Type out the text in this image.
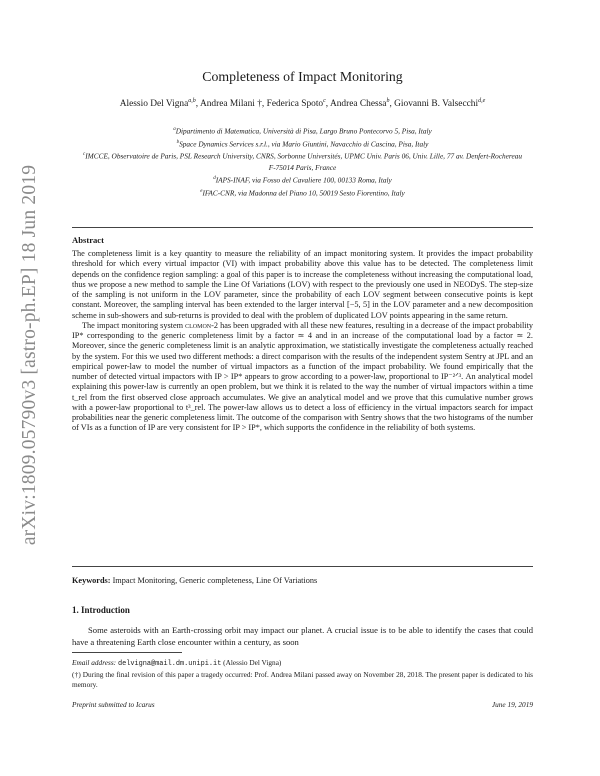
arXiv:1809.05790v3 [astro-ph.EP] 18 Jun 2019
Completeness of Impact Monitoring
Alessio Del Vigna$^{a,b}$, Andrea Milani †, Federica Spoto$^c$, Andrea Chessa$^b$, Giovanni B. Valsecchi$^{d,e}$
$^a$Dipartimento di Matematica, Università di Pisa, Largo Bruno Pontecorvo 5, Pisa, Italy
$^b$Space Dynamics Services s.r.l., via Mario Giuntini, Navacchio di Cascina, Pisa, Italy
$^c$IMCCE, Observatoire de Paris, PSL Research University, CNRS, Sorbonne Universités, UPMC Univ. Paris 06, Univ. Lille, 77 av. Denfert-Rochereau F-75014 Paris, France
$^d$IAPS-INAF, via Fosso del Cavaliere 100, 00133 Roma, Italy
$^e$IFAC-CNR, via Madonna del Piano 10, 50019 Sesto Fiorentino, Italy
Abstract

The completeness limit is a key quantity to measure the reliability of an impact monitoring system. It provides the impact probability threshold for which every virtual impactor (VI) with impact probability above this value has to be detected. The completeness limit depends on the confidence region sampling: a goal of this paper is to increase the completeness without increasing the computational load, thus we propose a new method to sample the Line Of Variations (LOV) with respect to the previously one used in NEODyS. The step-size of the sampling is not uniform in the LOV parameter, since the probability of each LOV segment between consecutive points is kept constant. Moreover, the sampling interval has been extended to the larger interval [−5, 5] in the LOV parameter and a new decomposition scheme in sub-showers and sub-returns is provided to deal with the problem of duplicated LOV points appearing in the same return.

The impact monitoring system clomon-2 has been upgraded with all these new features, resulting in a decrease of the impact probability IP* corresponding to the generic completeness limit by a factor ≃ 4 and in an increase of the computational load by a factor ≃ 2. Moreover, since the generic completeness limit is an analytic approximation, we statistically investigate the completeness actually reached by the system. For this we used two different methods: a direct comparison with the results of the independent system Sentry at JPL and an empirical power-law to model the number of virtual impactors as a function of the impact probability. We found empirically that the number of detected virtual impactors with IP > IP* appears to grow according to a power-law, proportional to IP⁻²ᐟ³. An analytical model explaining this power-law is currently an open problem, but we think it is related to the way the number of virtual impactors within a time t_rel from the first observed close approach accumulates. We give an analytical model and we prove that this cumulative number grows with a power-law proportional to t³_rel. The power-law allows us to detect a loss of efficiency in the virtual impactors search for impact probabilities near the generic completeness limit. The outcome of the comparison with Sentry shows that the two histograms of the number of VIs as a function of IP are very consistent for IP > IP*, which supports the confidence in the reliability of both systems.

Keywords: Impact Monitoring, Generic completeness, Line Of Variations
1. Introduction

Some asteroids with an Earth-crossing orbit may impact our planet. A crucial issue is to be able to identify the cases that could have a threatening Earth close encounter within a century, as soon

Email address: delvigna@mail.dm.unipi.it (Alessio Del Vigna)

(†) During the final revision of this paper a tragedy occurred: Prof. Andrea Milani passed away on November 28, 2018. The present paper is dedicated to his memory.

Preprint submitted to Icarus	June 19, 2019
